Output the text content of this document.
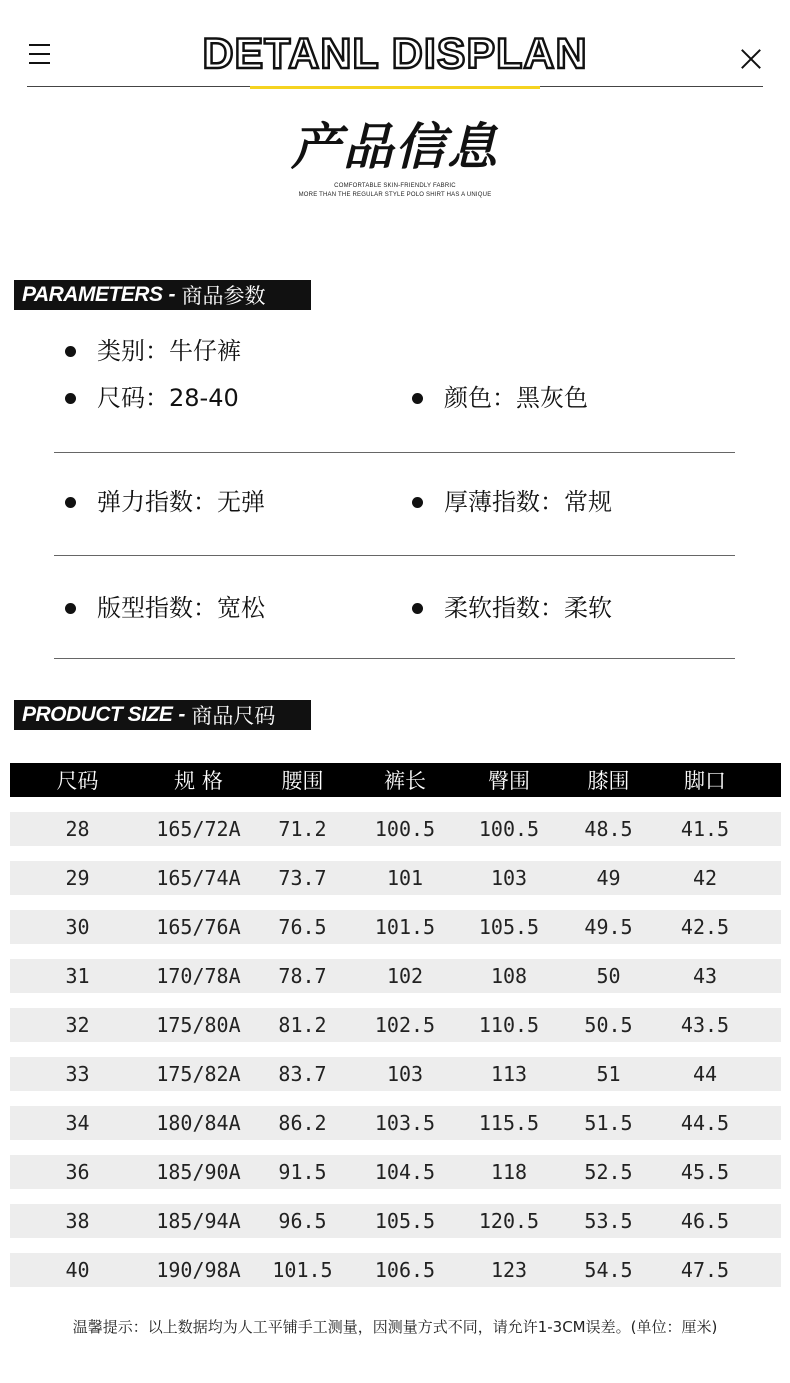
DETANL DISPLAN
产品信息
COMFORTABLE SKIN-FRIENDLY FABRIC
MORE THAN THE REGULAR STYLE POLO SHIRT HAS A UNIQUE
PARAMETERS - 商品参数
类别：牛仔裤
尺码：28-40	颜色：黑灰色
弹力指数：无弹	厚薄指数：常规
版型指数：宽松	柔软指数：柔软
PRODUCT SIZE - 商品尺码
尺码	规 格	腰围	裤长	臀围	膝围	脚口
28	165/72A	71.2	100.5	100.5	48.5	41.5
29	165/74A	73.7	101	103	49	42
30	165/76A	76.5	101.5	105.5	49.5	42.5
31	170/78A	78.7	102	108	50	43
32	175/80A	81.2	102.5	110.5	50.5	43.5
33	175/82A	83.7	103	113	51	44
34	180/84A	86.2	103.5	115.5	51.5	44.5
36	185/90A	91.5	104.5	118	52.5	45.5
38	185/94A	96.5	105.5	120.5	53.5	46.5
40	190/98A	101.5	106.5	123	54.5	47.5
温馨提示：以上数据均为人工平铺手工测量，因测量方式不同，请允许1-3CM误差。(单位：厘米)
